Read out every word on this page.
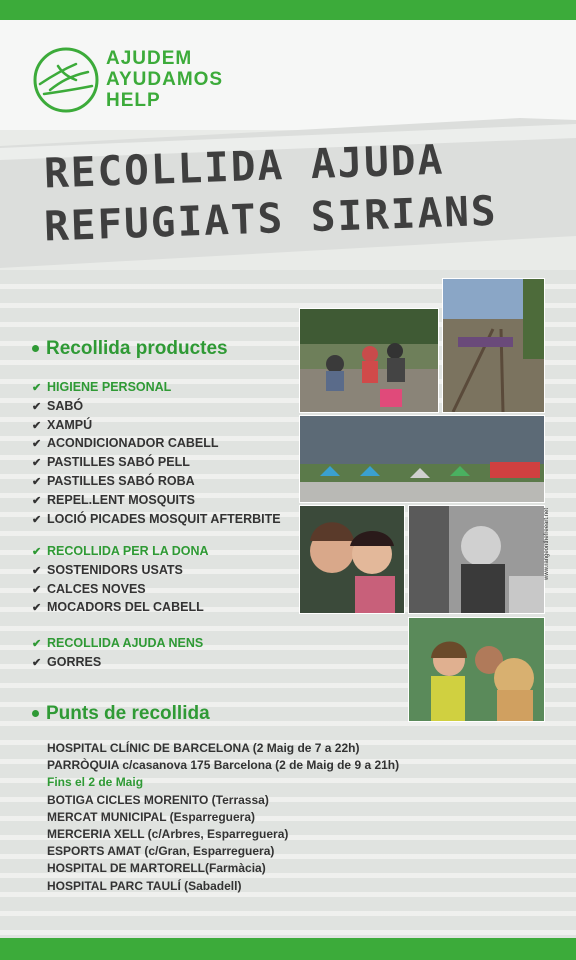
AJUDEM
AYUDAMOS
HELP
RECOLLIDA AJUDA
REFUGIATS SIRIANS
Recollida productes
✔ HIGIENE PERSONAL
✔ SABÓ
✔ XAMPÚ
✔ ACONDICIONADOR CABELL
✔ PASTILLES SABÓ PELL
✔ PASTILLES SABÓ ROBA
✔ REPEL.LENT MOSQUITS
✔ LOCIÓ PICADES MOSQUIT AFTERBITE
✔ RECOLLIDA PER LA DONA
✔ SOSTENIDORS USATS
✔ CALCES NOVES
✔ MOCADORS DEL CABELL
✔ RECOLLIDA AJUDA NENS
✔ GORRES
Punts de recollida
HOSPITAL CLÍNIC DE BARCELONA (2 Maig de 7 a 22h)
PARRÒQUIA c/casanova 175 Barcelona (2 de Maig de 9 a 21h)
Fins el 2 de Maig
BOTIGA CICLES MORENITO (Terrassa)
MERCAT MUNICIPAL (Esparreguera)
MERCERIA XELL (c/Arbres, Esparreguera)
ESPORTS AMAT (c/Gran, Esparreguera)
HOSPITAL DE MARTORELL(Farmàcia)
HOSPITAL PARC TAULÍ (Sabadell)
www.rangeonthefreeart.net
